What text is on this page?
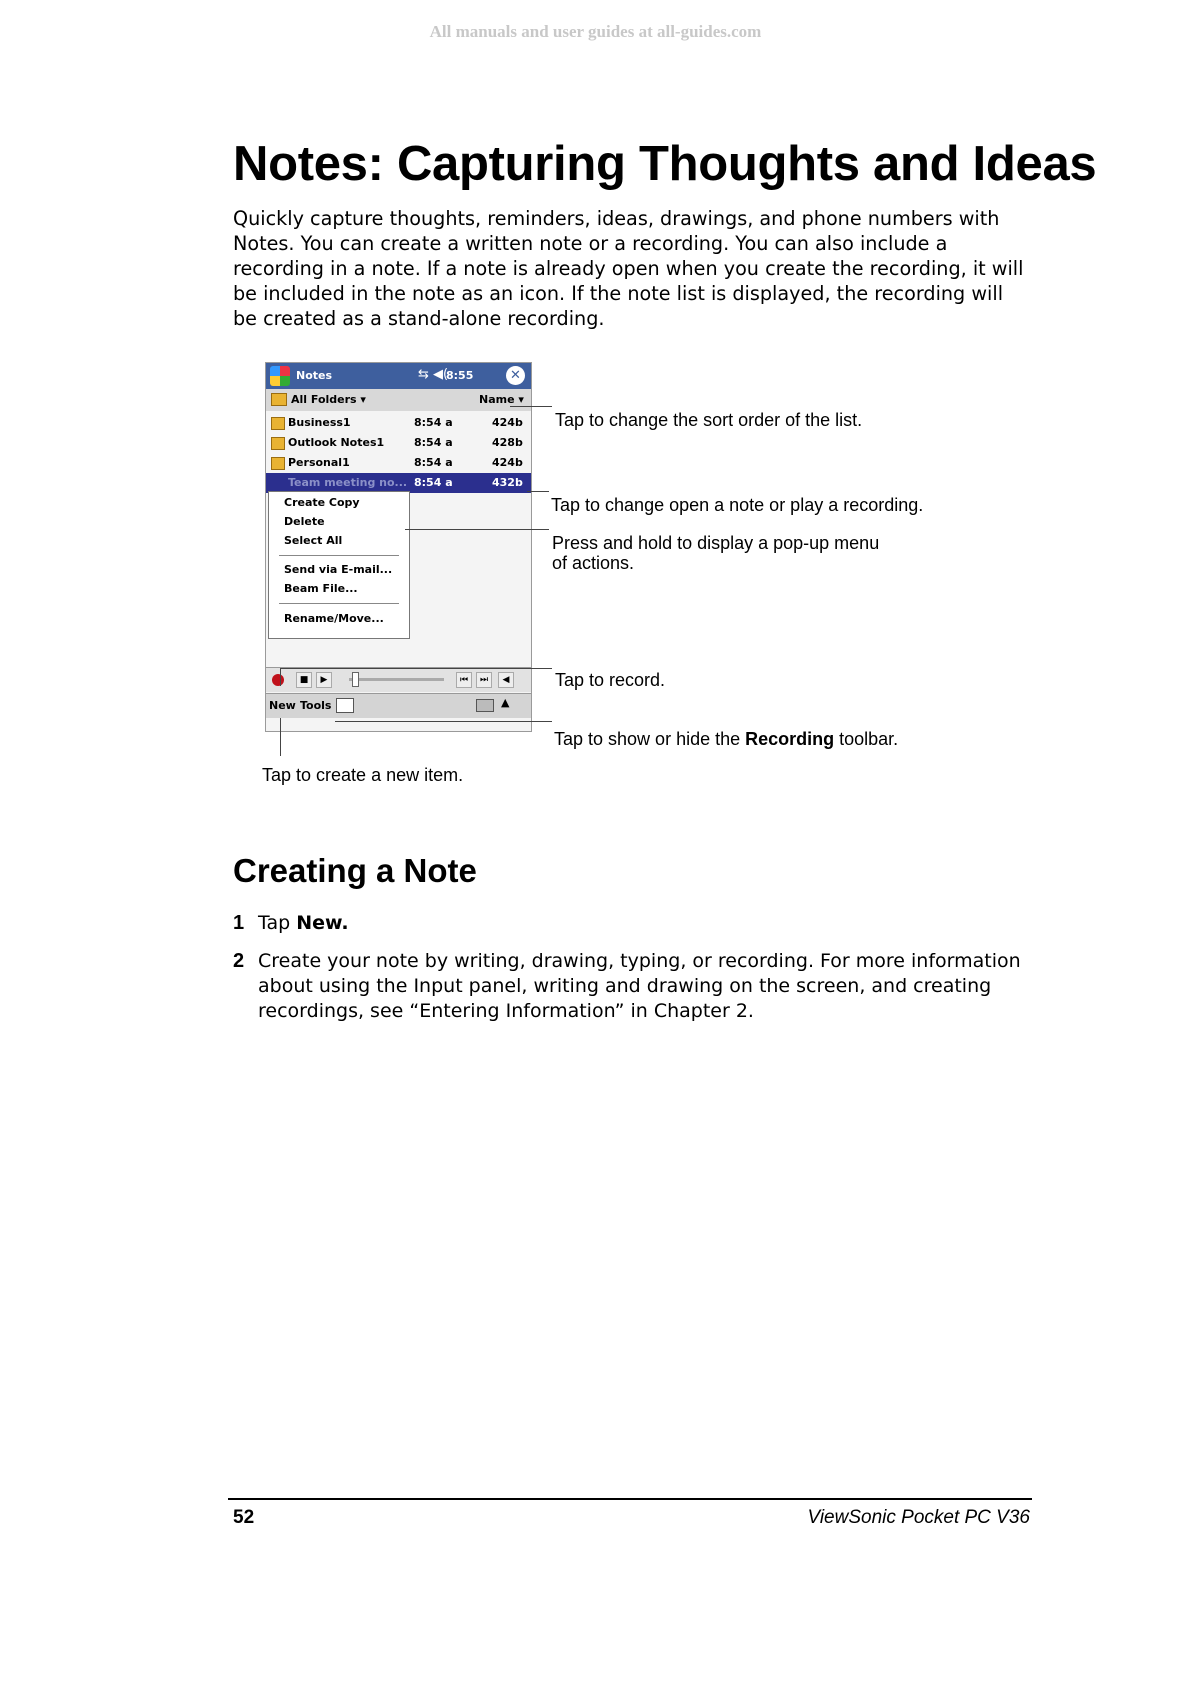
All manuals and user guides at all-guides.com
Notes: Capturing Thoughts and Ideas

Quickly capture thoughts, reminders, ideas, drawings, and phone numbers with Notes. You can create a written note or a recording. You can also include a recording in a note. If a note is already open when you create the recording, it will be included in the note as an icon. If the note list is displayed, the recording will be created as a stand-alone recording.

Notes	⇆ ◀(
8:55	✕
All Folders ▾	Name ▾
Business1	8:54 a	424b
Outlook Notes1	8:54 a	428b
Personal1	8:54 a	424b
Team meeting no... 8:54 a	432b
Create Copy
Delete
Select All
Send via E-mail...
Beam File...
Rename/Move...
■	▶	⏮	⏭	◀
New Tools	▲
Tap to change the sort order of the list.
Tap to change open a note or play a recording.
Press and hold to display a pop-up menu of actions.
Tap to record.
Tap to show or hide the Recording toolbar.
Tap to create a new item.
Creating a Note
1 Tap New.
2 Create your note by writing, drawing, typing, or recording. For more information about using the Input panel, writing and drawing on the screen, and creating recordings, see “Entering Information” in Chapter 2.
52	ViewSonic Pocket PC V36
